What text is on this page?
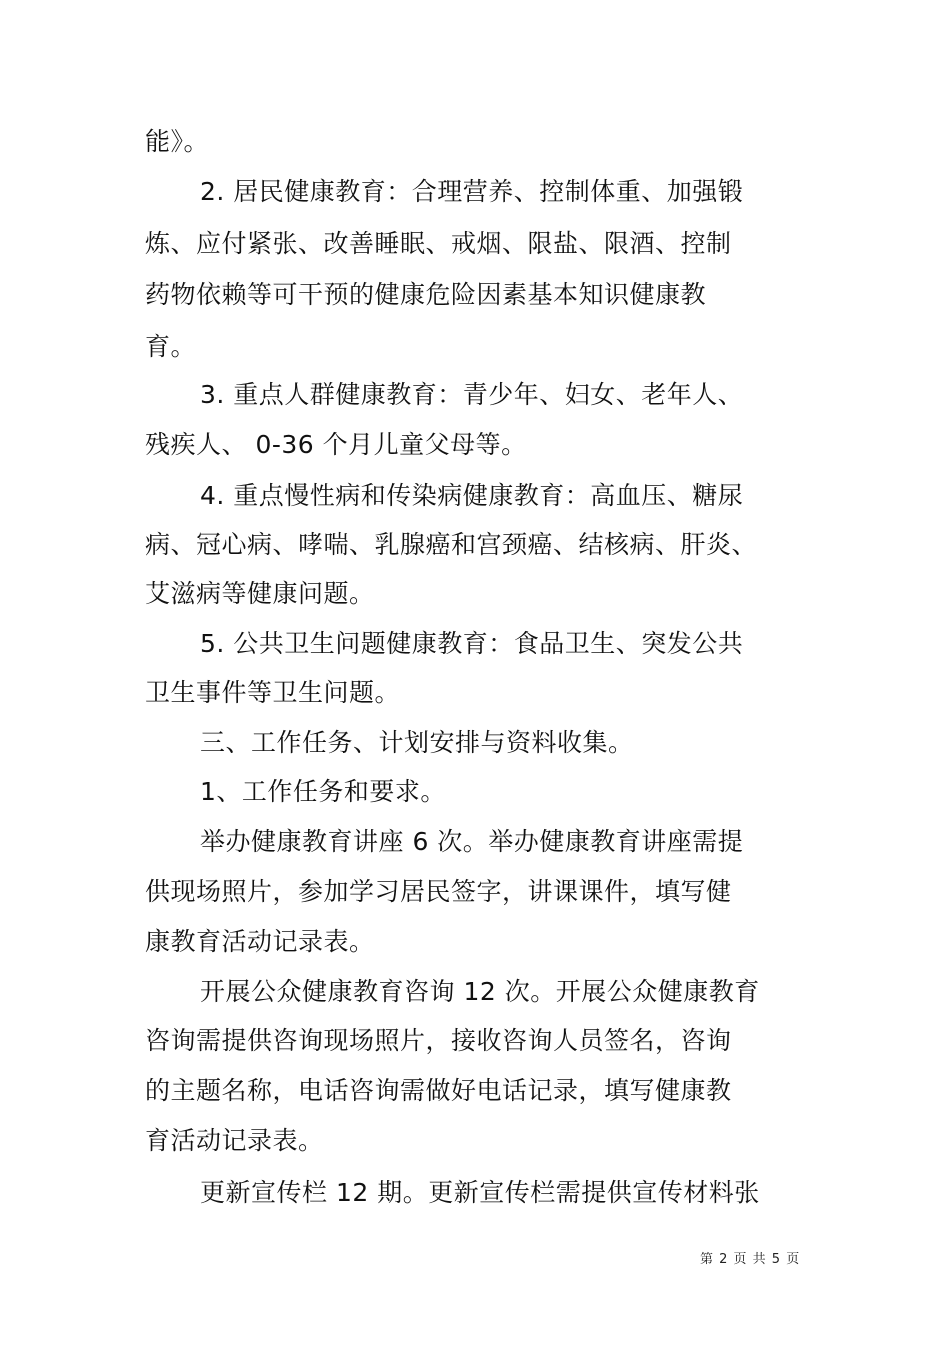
能》。
2. 居民健康教育：合理营养、控制体重、加强锻
炼、应付紧张、改善睡眠、戒烟、限盐、限酒、控制
药物依赖等可干预的健康危险因素基本知识健康教
育。
3. 重点人群健康教育：青少年、妇女、老年人、
残疾人、 0-36 个月儿童父母等。
4. 重点慢性病和传染病健康教育：高血压、糖尿
病、冠心病、哮喘、乳腺癌和宫颈癌、结核病、肝炎、
艾滋病等健康问题。
5. 公共卫生问题健康教育：食品卫生、突发公共
卫生事件等卫生问题。
三、工作任务、计划安排与资料收集。
1、工作任务和要求。
举办健康教育讲座 6 次。举办健康教育讲座需提
供现场照片，参加学习居民签字，讲课课件，填写健
康教育活动记录表。
开展公众健康教育咨询 12 次。开展公众健康教育
咨询需提供咨询现场照片，接收咨询人员签名，咨询
的主题名称，电话咨询需做好电话记录，填写健康教
育活动记录表。
更新宣传栏 12 期。更新宣传栏需提供宣传材料张
第 2 页 共 5 页
